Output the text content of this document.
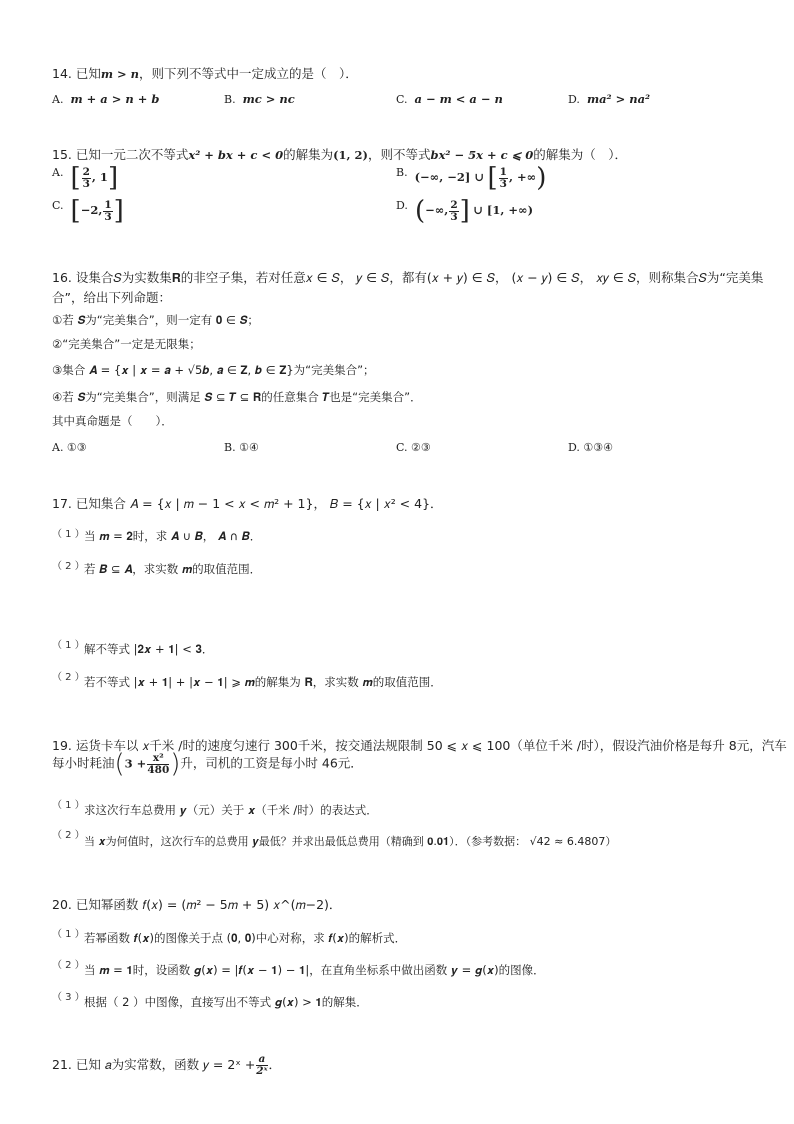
14. 已知m > n，则下列不等式中一定成立的是（　）．
A. m + a > n + b	B. mc > nc	C. a − m < a − n	D. ma² > na²
15. 已知一元二次不等式x² + bx + c < 0的解集为(1, 2)，则不等式bx² − 5x + c ⩽ 0的解集为（　）．
A. [ $\frac{2}{3}$ , 1]	B. (−∞, −2] ∪ [ $\frac{1}{3}$ , +∞)
C. [−2, $\frac{1}{3}$ ]	D. (−∞, $\frac{2}{3}$ ] ∪ [1, +∞)
16. 设集合𝑆为实数集𝐑的非空子集，若对任意𝑥 ∈ 𝑆， 𝑦 ∈ 𝑆，都有(𝑥 + 𝑦) ∈ 𝑆， (𝑥 − 𝑦) ∈ 𝑆， 𝑥𝑦 ∈ 𝑆，则称集合𝑆为“完美集
合”，给出下列命题：
①若 𝑺为“完美集合”，则一定有 𝟎 ∈ 𝑺；
②“完美集合”一定是无限集；
③集合 𝑨 = {𝒙 | 𝒙 = 𝒂 + √5𝒃, 𝒂 ∈ 𝐙, 𝒃 ∈ 𝐙}为“完美集合”；
④若 𝑺为“完美集合”，则满足 𝑺 ⊆ 𝑻 ⊆ 𝐑的任意集合 𝑻也是“完美集合”．
其中真命题是（　　）．
A. ①③	B. ①④	C. ②③	D. ①③④
17. 已知集合 𝐴 = {𝑥 | 𝑚 − 1 < 𝑥 < 𝑚² + 1}， 𝐵 = {𝑥 | 𝑥² < 4}．
（ 1 ） 当 𝒎 = 𝟐时，求 𝑨 ∪ 𝑩， 𝑨 ∩ 𝑩．
（ 2 ） 若 𝑩 ⊆ 𝑨，求实数 𝒎的取值范围．
（ 1 ） 解不等式 |𝟐𝒙 + 𝟏| < 𝟑．
（ 2 ） 若不等式 |𝒙 + 𝟏| + |𝒙 − 𝟏| ⩾ 𝒎的解集为 𝐑，求实数 𝒎的取值范围．
19. 运货卡车以 𝑥千米 /时的速度匀速行 300千米，按交通法规限制 50 ⩽ 𝑥 ⩽ 100（单位千米 /时），假设汽油价格是每升 8元，汽车
每小时耗油($3 + \frac{\text{x²}}{480}$ )升，司机的工资是每小时 46元．
（ 1 ） 求这次行车总费用 𝒚（元）关于 𝒙（千米 /时）的表达式．
（ 2 ） 当 𝒙为何值时，这次行车的总费用 𝒚最低？并求出最低总费用（精确到 𝟎.𝟎𝟏）．（参考数据： √42 ≈ 6.4807）
20. 已知幂函数 𝑓(𝑥) = (𝑚² − 5𝑚 + 5) 𝑥^(𝑚−2)．
（ 1 ） 若幂函数 𝒇(𝒙)的图像关于点 (𝟎, 𝟎)中心对称，求 𝒇(𝒙)的解析式．
（ 2 ） 当 𝒎 = 𝟏时，设函数 𝒈(𝒙) = |𝒇(𝒙 − 𝟏) − 𝟏|，在直角坐标系中做出函数 𝒚 = 𝒈(𝒙)的图像．
（ 3 ） 根据（ 2 ）中图像，直接写出不等式 𝒈(𝒙) > 𝟏的解集．
21. 已知 𝑎为实常数，函数 𝑦 = 2ˣ + $\frac{a}{\text{2ˣ}}$ ．
